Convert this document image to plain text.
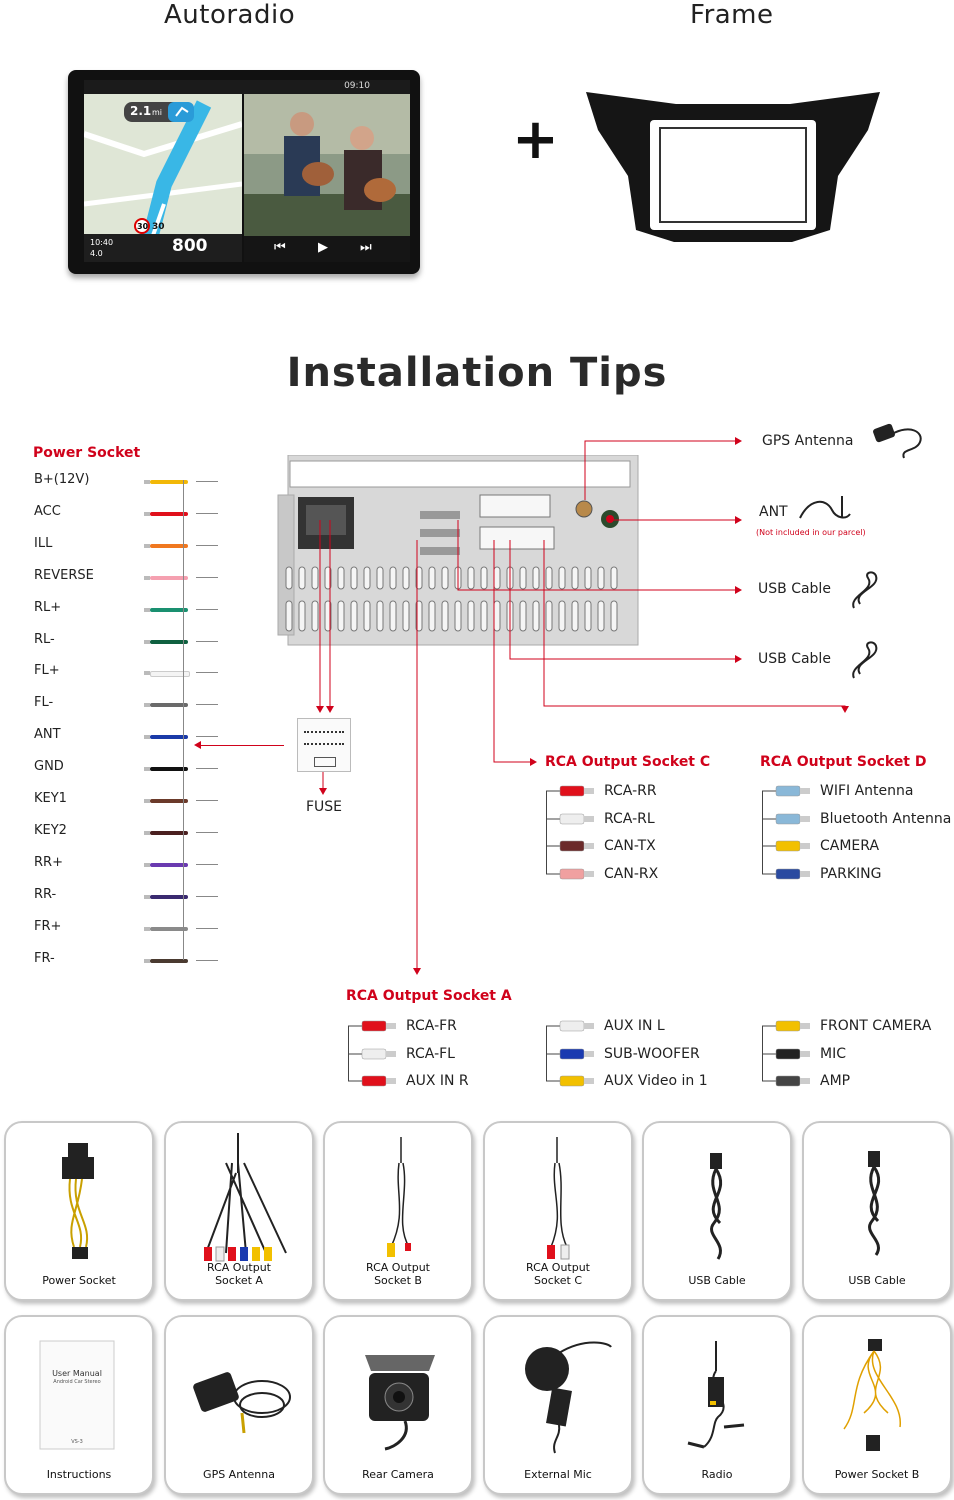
Autoradio	Frame
+
09:10
2.1 mi
30 30
10:40
4.0	800	⏮ ▶ ⏭
Installation Tips
Power Socket
B+(12V)
ACC
ILL
REVERSE
RL+
RL-
FL+
FL-
ANT
GND
KEY1
KEY2
RR+
RR-
FR+
FR-
FUSE
GPS Antenna
ANT
(Not included in our parcel)
USB Cable
USB Cable
RCA Output Socket C
RCA-RR
RCA-RL
CAN-TX
CAN-RX
RCA Output Socket D
WIFI Antenna
Bluetooth Antenna
CAMERA
PARKING
RCA Output Socket A
RCA-FR
RCA-FL
AUX IN R
AUX IN L
SUB-WOOFER
AUX Video in 1
FRONT CAMERA
MIC
AMP
Power Socket
RCA Output
Socket A
RCA Output
Socket B
RCA Output
Socket C	USB Cable	USB Cable
User Manual
Android Car Stereo
VS-3
Instructions	GPS Antenna	Rear Camera	External Mic	Radio	Power Socket B
